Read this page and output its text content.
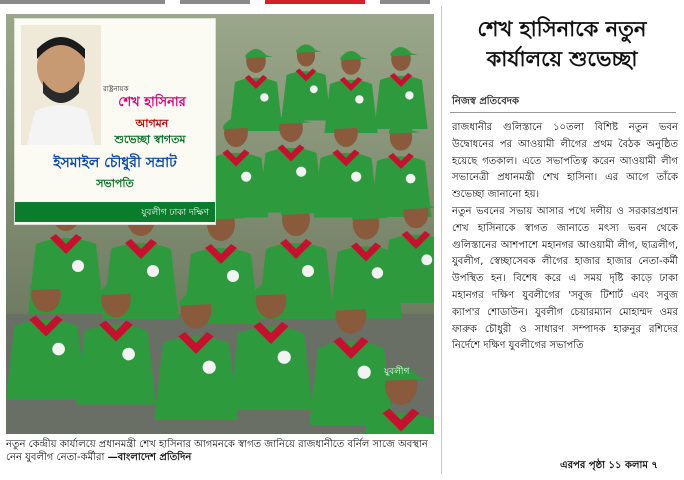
যুবলীগ
রাষ্ট্রনায়ক
শেখ হাসিনার
আগমন
শুভেচ্ছা স্বাগতম
ইসমাইল চৌধুরী সম্রাট
সভাপতি
যুবলীগ ঢাকা দক্ষিণ
নতুন কেন্দ্রীয় কার্যালয়ে প্রধানমন্ত্রী শেখ হাসিনার আগমনকে স্বাগত জানিয়ে রাজধানীতে বর্নিল সাজে অবস্থান নেন যুবলীগ নেতা-কর্মীরা —বাংলাদেশ প্রতিদিন
শেখ হাসিনাকে নতুন কার্যালয়ে শুভেচ্ছা
নিজস্ব প্রতিবেদক

রাজধানীর গুলিস্তানে ১০তলা বিশিষ্ট নতুন ভবন উদ্বোধনের পর আওয়ামী লীগের প্রথম বৈঠক অনুষ্ঠিত হয়েছে গতকাল। এতে সভাপতিত্ব করেন আওয়ামী লীগ সভানেত্রী প্রধানমন্ত্রী শেখ হাসিনা। এর আগে তাঁকে শুভেচ্ছা জানানো হয়।

নতুন ভবনের সভায় আসার পথে দলীয় ও সরকারপ্রধান শেখ হাসিনাকে স্বাগত জানাতে মৎস্য ভবন থেকে গুলিস্তানের আশপাশে মহানগর আওয়ামী লীগ, ছাত্রলীগ, যুবলীগ, স্বেচ্ছাসেবক লীগের হাজার হাজার নেতা-কর্মী উপস্থিত হন। বিশেষ করে এ সময় দৃষ্টি কাড়ে ঢাকা মহানগর দক্ষিণ যুবলীগের 'সবুজ টিশার্ট এবং সবুজ ক্যাপ'র শোডাউন। যুবলীগ চেয়ারম্যান মোহাম্মদ ওমর ফারুক চৌধুরী ও সাধারণ সম্পাদক হারুনুর রশিদের নির্দেশে দক্ষিণ যুবলীগের সভাপতি

এরপর পৃষ্ঠা ১১ কলাম ৭
